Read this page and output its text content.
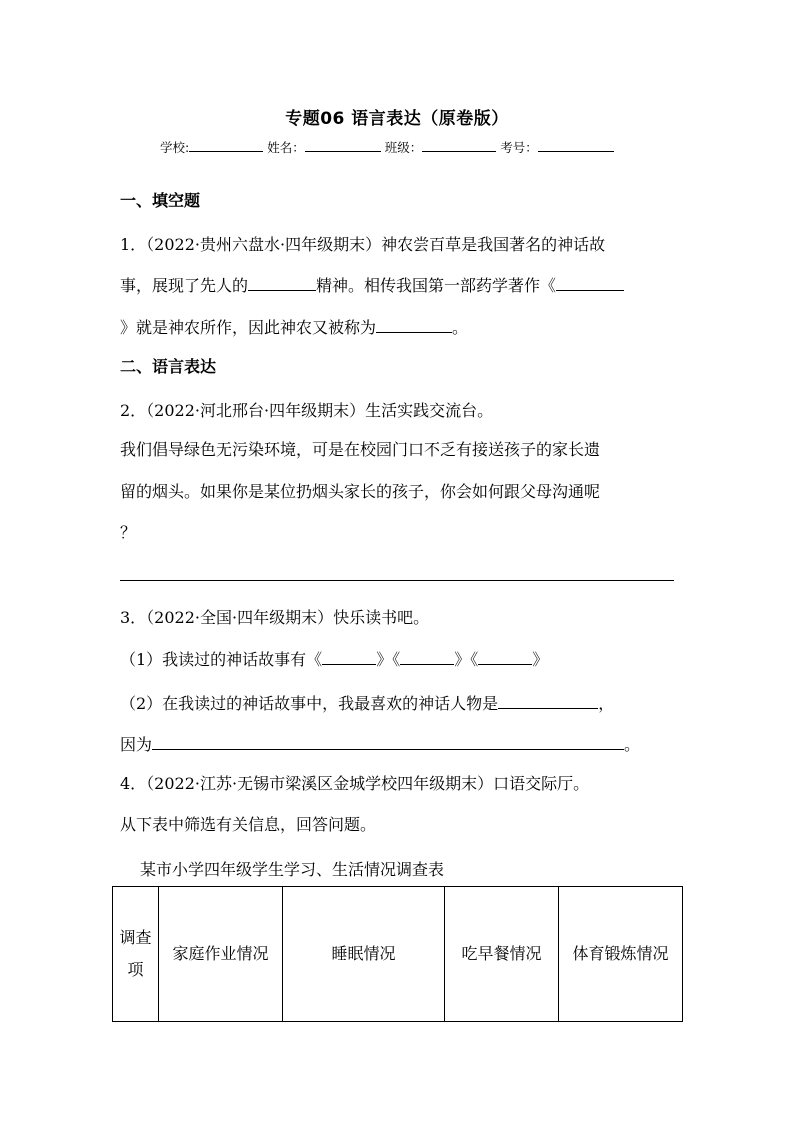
专题06 语言表达（原卷版）
学校:	姓名：	班级：	考号：
一、填空题
1．（2022·贵州六盘水·四年级期末）神农尝百草是我国著名的神话故
事，展现了先人的	精神。相传我国第一部药学著作《
》就是神农所作，因此神农又被称为	。
二、语言表达
2．（2022·河北邢台·四年级期末）生活实践交流台。
我们倡导绿色无污染环境，可是在校园门口不乏有接送孩子的家长遗
留的烟头。如果你是某位扔烟头家长的孩子，你会如何跟父母沟通呢
？
3．（2022·全国·四年级期末）快乐读书吧。
（1）我读过的神话故事有《	》《	》《	》
（2）在我读过的神话故事中，我最喜欢的神话人物是	，
因为	。
4．（2022·江苏·无锡市梁溪区金城学校四年级期末）口语交际厅。
从下表中筛选有关信息，回答问题。
某市小学四年级学生学习、生活情况调查表
调查项	家庭作业情况	睡眠情况	吃早餐情况	体育锻炼情况
